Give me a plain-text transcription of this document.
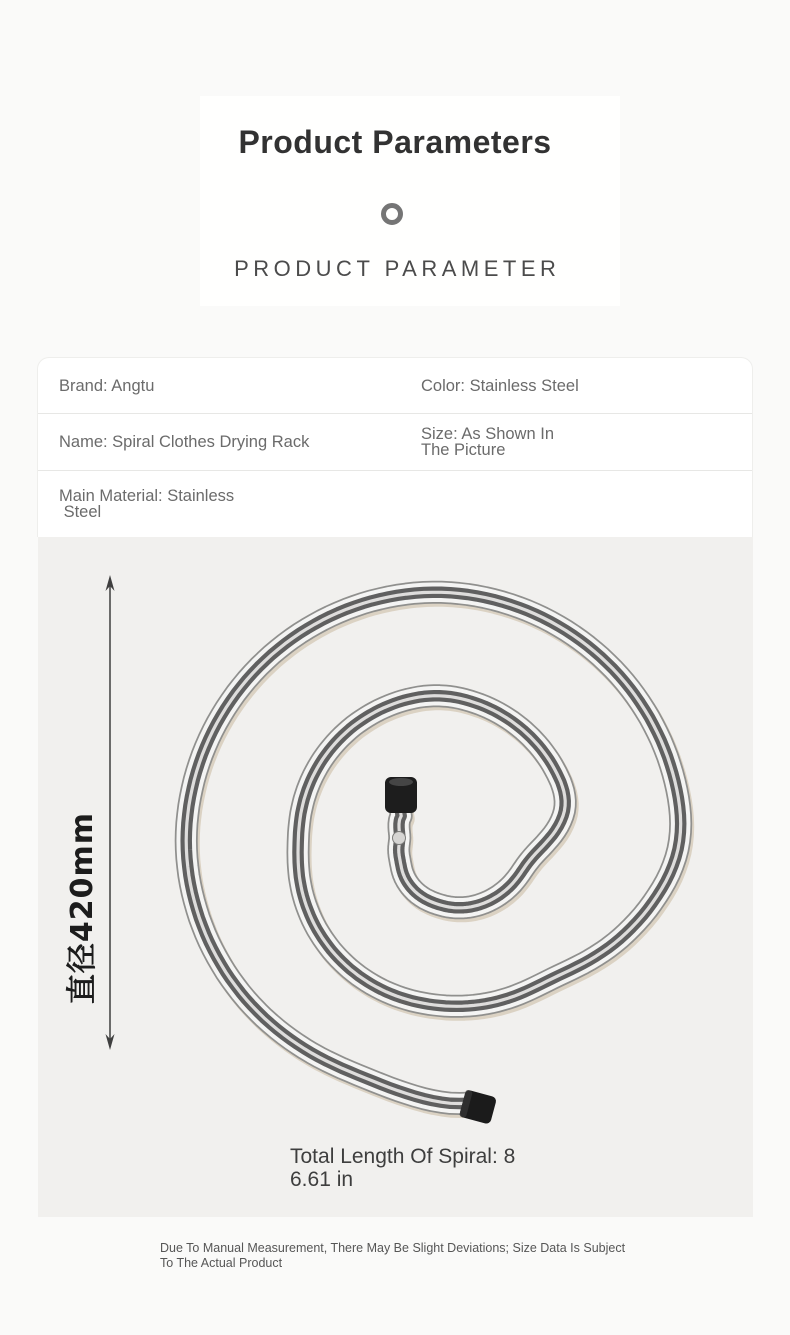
Product Parameters
PRODUCT PARAMETER
Brand: Angtu	Color: Stainless Steel
Name: Spiral Clothes Drying Rack	Size: As Shown In
The Picture
Main Material: Stainless
Steel
直径420mm
Total Length Of Spiral: 8
6.61 in
Due To Manual Measurement, There May Be Slight Deviations; Size Data Is Subject
To The Actual Product
